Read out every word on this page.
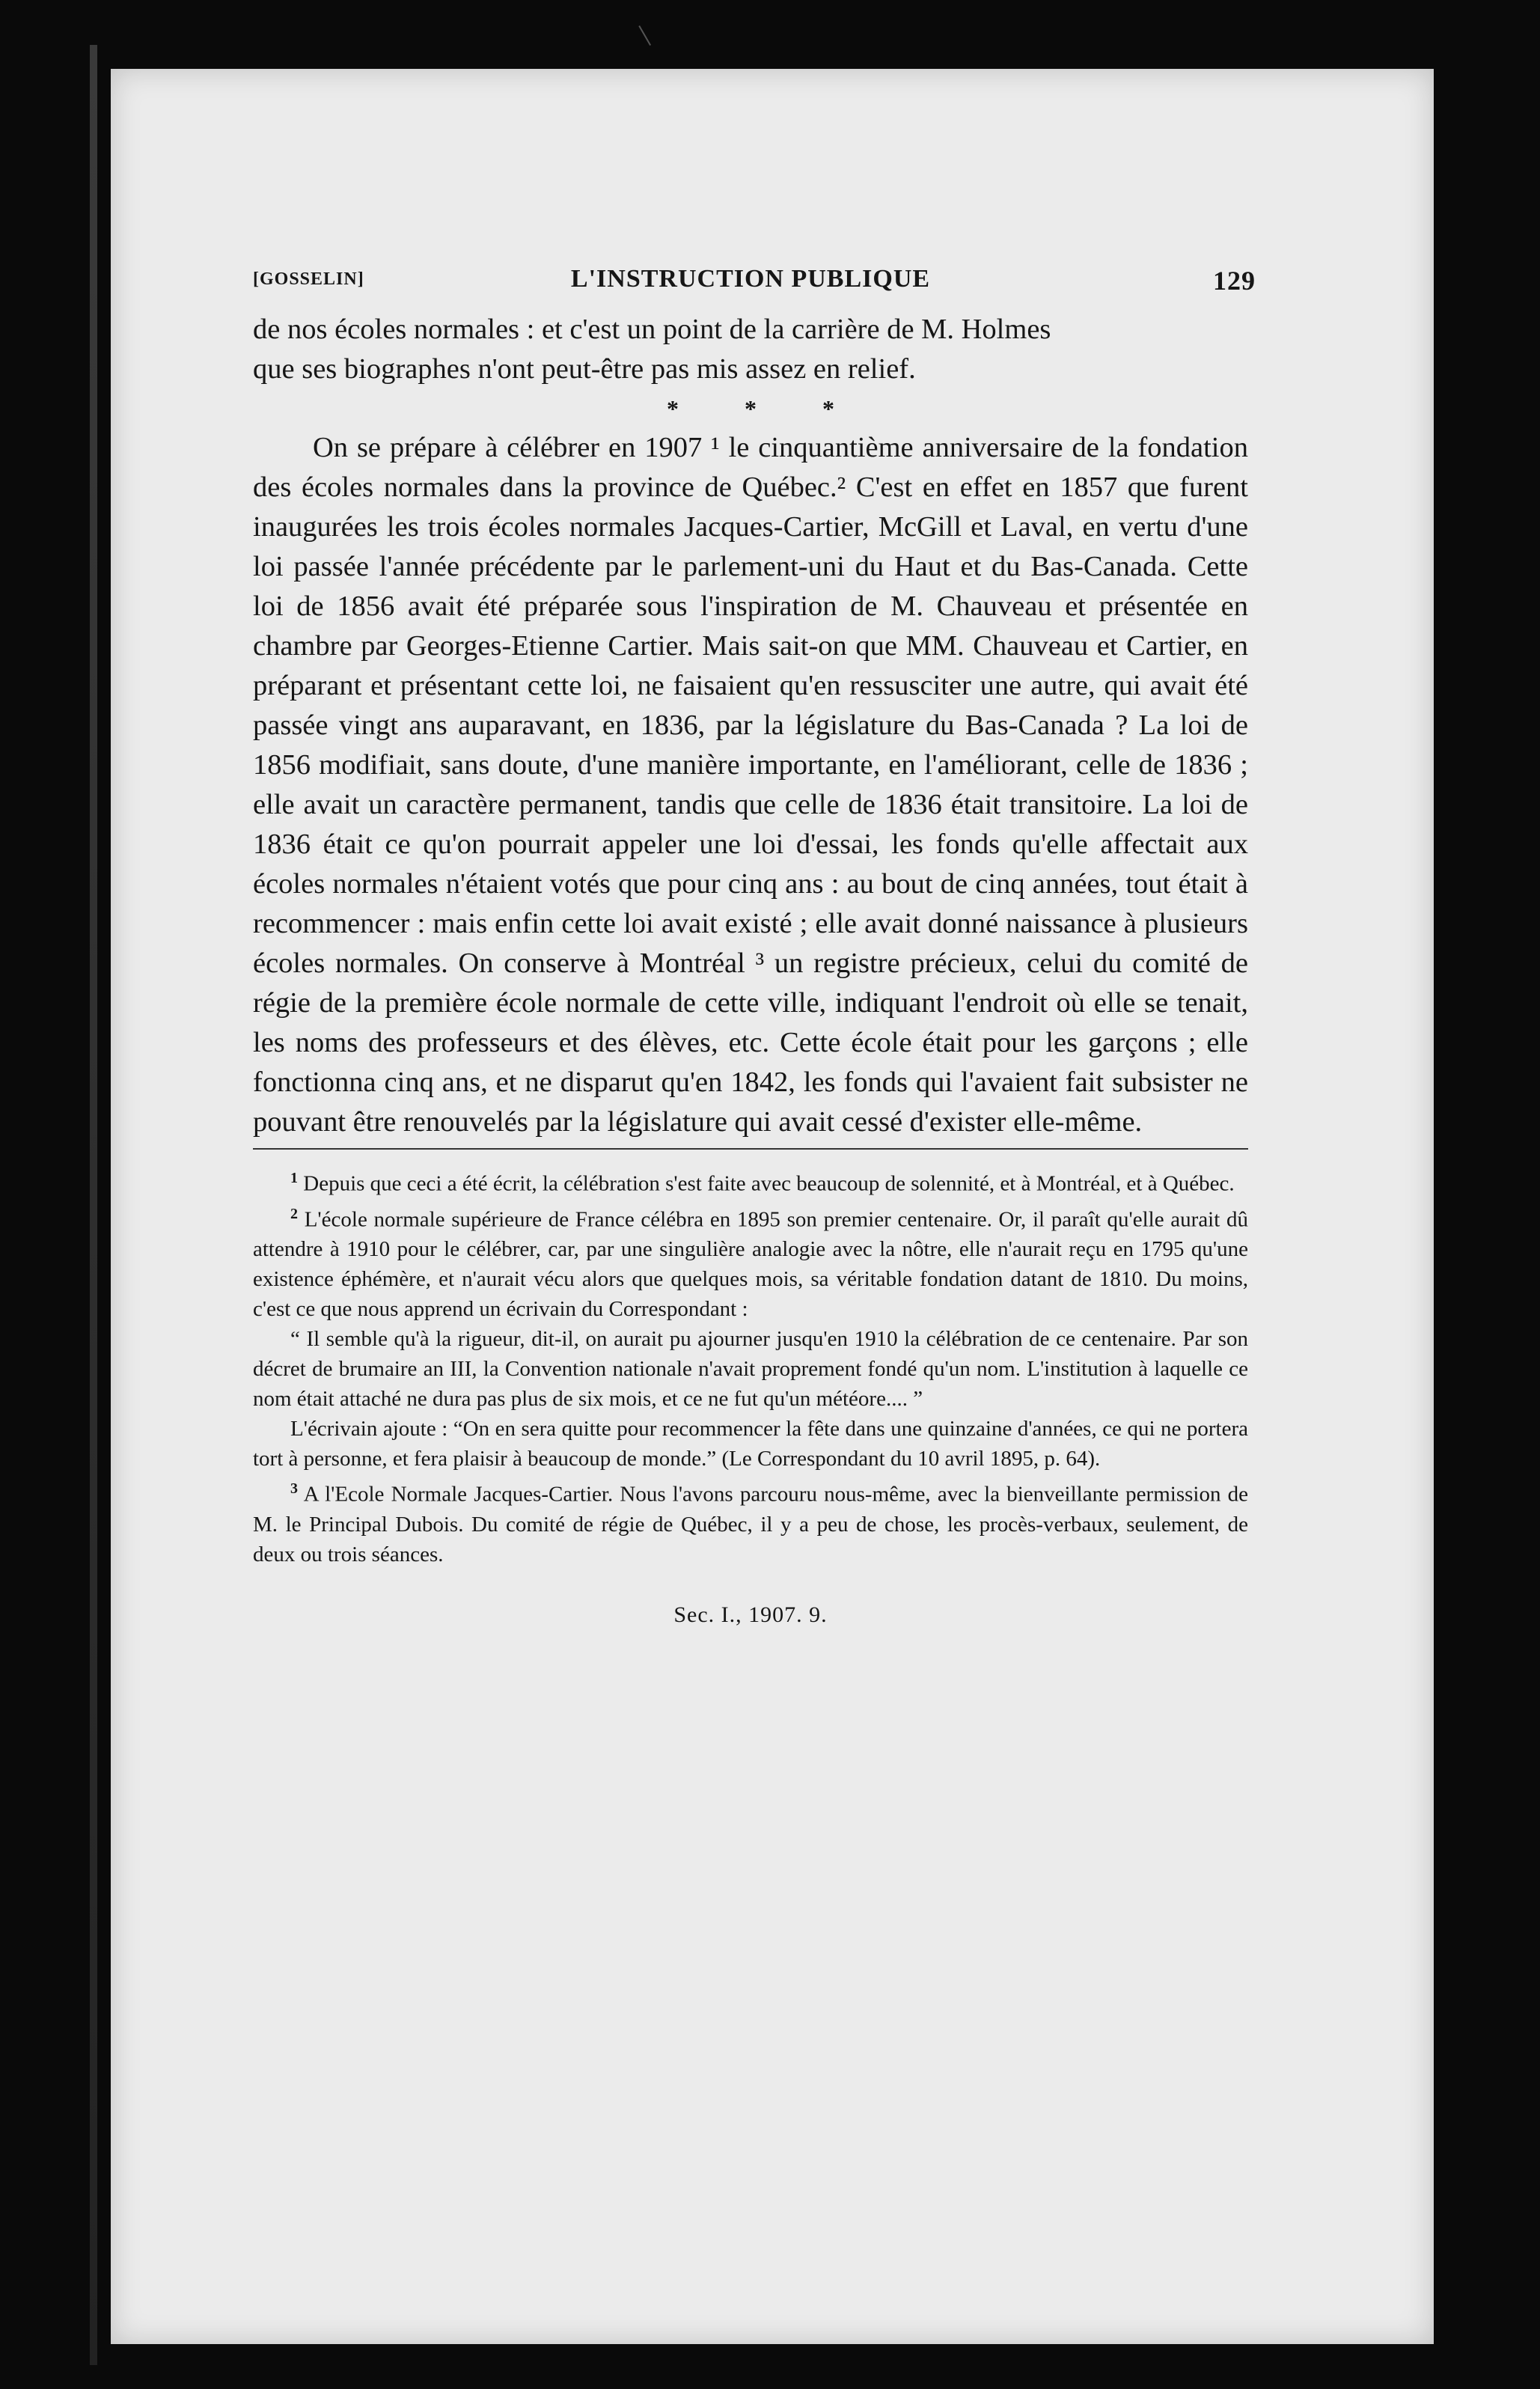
[GOSSELIN]	L'INSTRUCTION PUBLIQUE	129

de nos écoles normales : et c'est un point de la carrière de M. Holmes
que ses biographes n'ont peut-être pas mis assez en relief.

* * *

On se prépare à célébrer en 1907 ¹ le cinquantième anniversaire de la fondation des écoles normales dans la province de Québec.² C'est en effet en 1857 que furent inaugurées les trois écoles normales Jacques-Cartier, McGill et Laval, en vertu d'une loi passée l'année précédente par le parlement-uni du Haut et du Bas-Canada. Cette loi de 1856 avait été préparée sous l'inspiration de M. Chauveau et présentée en chambre par Georges-Etienne Cartier. Mais sait-on que MM. Chauveau et Cartier, en préparant et présentant cette loi, ne faisaient qu'en ressusciter une autre, qui avait été passée vingt ans auparavant, en 1836, par la législature du Bas-Canada ? La loi de 1856 modifiait, sans doute, d'une manière importante, en l'améliorant, celle de 1836 ; elle avait un caractère permanent, tandis que celle de 1836 était transitoire. La loi de 1836 était ce qu'on pourrait appeler une loi d'essai, les fonds qu'elle affectait aux écoles normales n'étaient votés que pour cinq ans : au bout de cinq années, tout était à recommencer : mais enfin cette loi avait existé ; elle avait donné naissance à plusieurs écoles normales. On conserve à Montréal ³ un registre précieux, celui du comité de régie de la première école normale de cette ville, indiquant l'endroit où elle se tenait, les noms des professeurs et des élèves, etc. Cette école était pour les garçons ; elle fonctionna cinq ans, et ne disparut qu'en 1842, les fonds qui l'avaient fait subsister ne pouvant être renouvelés par la législature qui avait cessé d'exister elle-même.

$^1$ Depuis que ceci a été écrit, la célébration s'est faite avec beaucoup de solennité, et à Montréal, et à Québec.

$^2$ L'école normale supérieure de France célébra en 1895 son premier centenaire. Or, il paraît qu'elle aurait dû attendre à 1910 pour le célébrer, car, par une singulière analogie avec la nôtre, elle n'aurait reçu en 1795 qu'une existence éphémère, et n'aurait vécu alors que quelques mois, sa véritable fondation datant de 1810. Du moins, c'est ce que nous apprend un écrivain du Correspondant :

“ Il semble qu'à la rigueur, dit-il, on aurait pu ajourner jusqu'en 1910 la célébration de ce centenaire. Par son décret de brumaire an III, la Convention nationale n'avait proprement fondé qu'un nom. L'institution à laquelle ce nom était attaché ne dura pas plus de six mois, et ce ne fut qu'un météore.... ”

L'écrivain ajoute : “On en sera quitte pour recommencer la fête dans une quinzaine d'années, ce qui ne portera tort à personne, et fera plaisir à beaucoup de monde.” (Le Correspondant du 10 avril 1895, p. 64).

$^3$ A l'Ecole Normale Jacques-Cartier. Nous l'avons parcouru nous-même, avec la bienveillante permission de M. le Principal Dubois. Du comité de régie de Québec, il y a peu de chose, les procès-verbaux, seulement, de deux ou trois séances.

Sec. I., 1907. 9.
